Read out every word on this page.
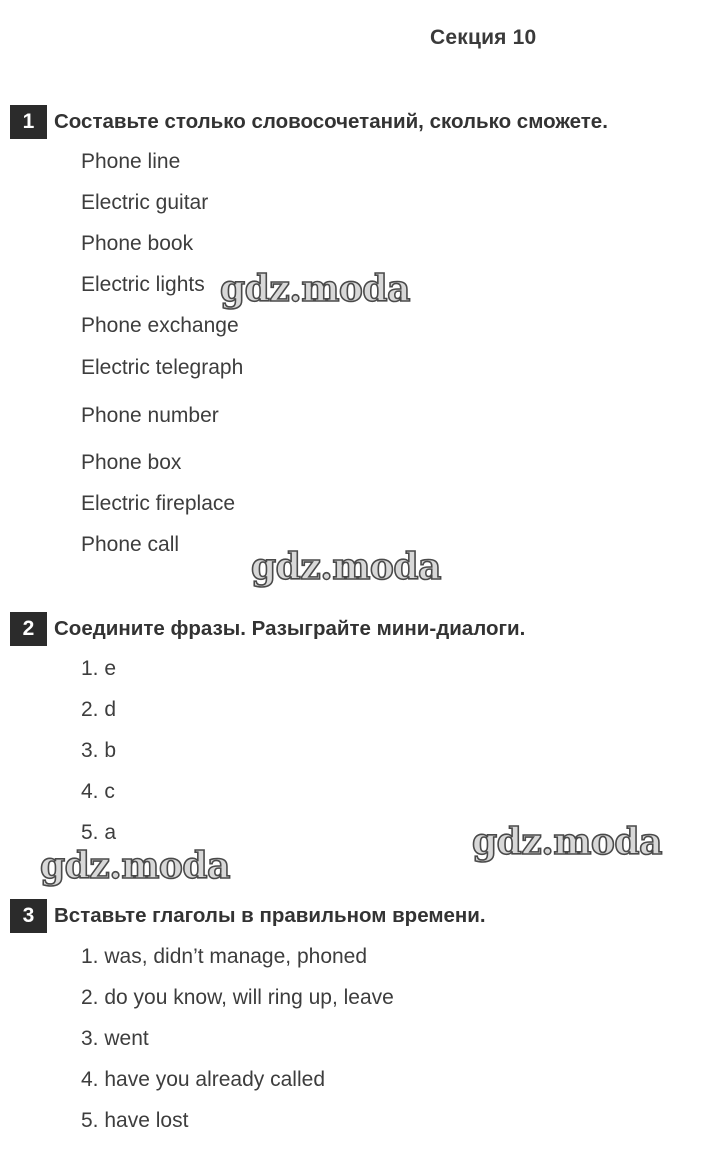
Секция 10
1 Составьте столько словосочетаний, сколько сможете.
Phone line
Electric guitar
Phone book
Electric lights
Phone exchange
Electric telegraph
Phone number
Phone box
Electric fireplace
Phone call
2 Соедините фразы. Разыграйте мини-диалоги.
1. e
2. d
3. b
4. c
5. a
3 Вставьте глаголы в правильном времени.
1. was, didn’t manage, phoned
2. do you know, will ring up, leave
3. went
4. have you already called
5. have lost
gdz.moda
gdz.moda
gdz.moda
gdz.moda
